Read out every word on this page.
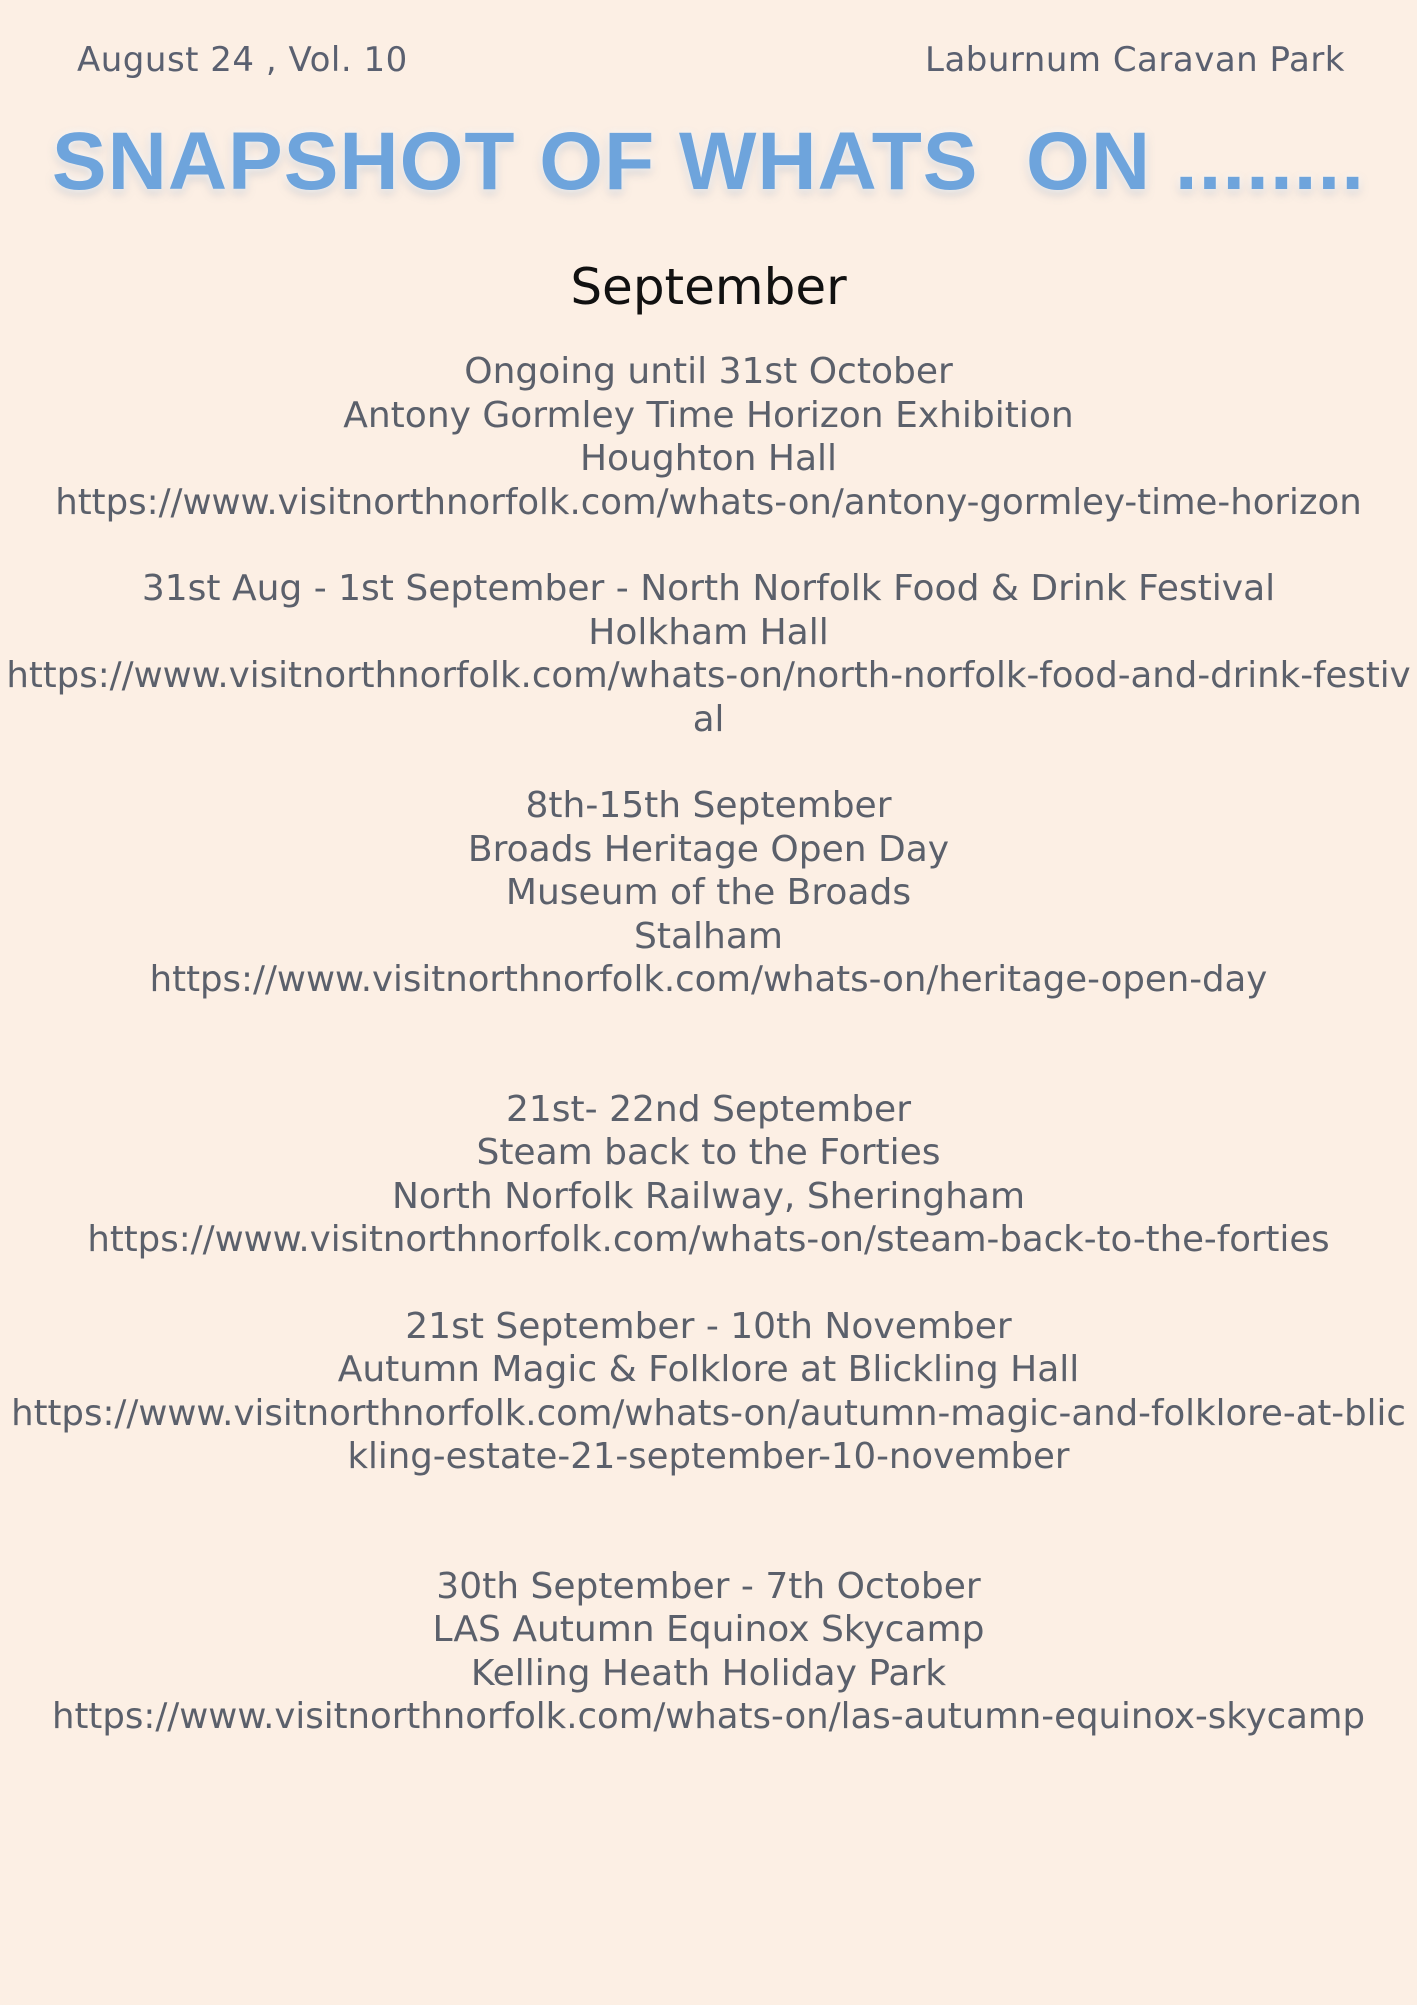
August 24 , Vol. 10	Laburnum Caravan Park
SNAPSHOT OF WHATS  ON ........
September
Ongoing until 31st October
Antony Gormley Time Horizon Exhibition
Houghton Hall
https://www.visitnorthnorfolk.com/whats-on/antony-gormley-time-horizon
31st Aug - 1st September - North Norfolk Food & Drink Festival
Holkham Hall
https://www.visitnorthnorfolk.com/whats-on/north-norfolk-food-and-drink-festival
8th-15th September
Broads Heritage Open Day
Museum of the Broads
Stalham
https://www.visitnorthnorfolk.com/whats-on/heritage-open-day
21st- 22nd September
Steam back to the Forties
North Norfolk Railway, Sheringham
https://www.visitnorthnorfolk.com/whats-on/steam-back-to-the-forties
21st September - 10th November
Autumn Magic & Folklore at Blickling Hall
https://www.visitnorthnorfolk.com/whats-on/autumn-magic-and-folklore-at-blickling-estate-21-september-10-november
30th September - 7th October
LAS Autumn Equinox Skycamp
Kelling Heath Holiday Park
https://www.visitnorthnorfolk.com/whats-on/las-autumn-equinox-skycamp
